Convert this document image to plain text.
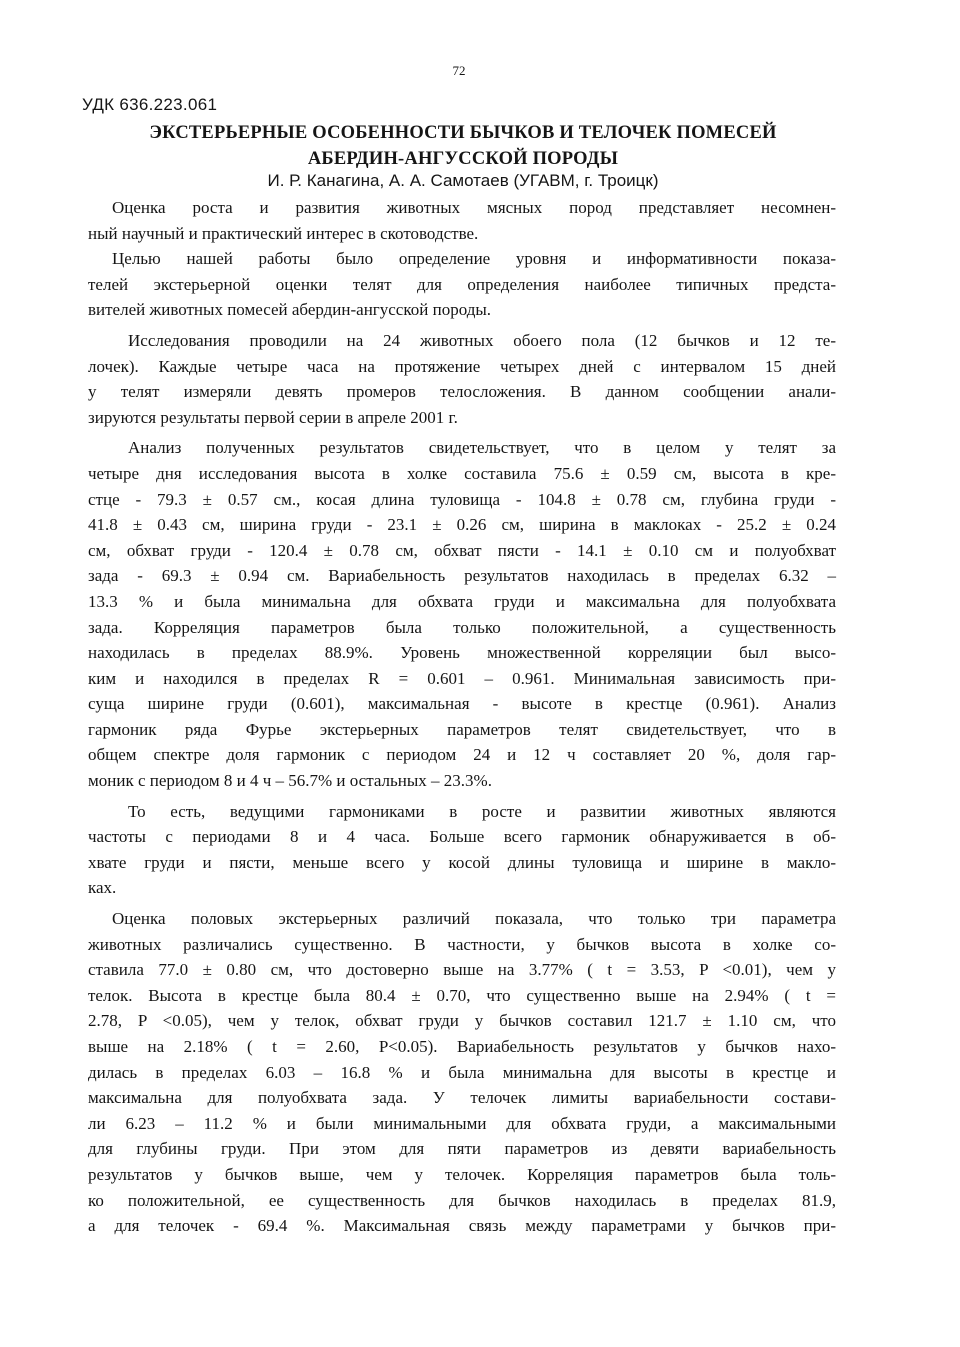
72
УДК 636.223.061
ЭКСТЕРЬЕРНЫЕ ОСОБЕННОСТИ БЫЧКОВ И ТЕЛОЧЕК ПОМЕСЕЙ
АБЕРДИН-АНГУССКОЙ ПОРОДЫ
И. Р. Канагина, А. А. Самотаев (УГАВМ, г. Троицк)
Оценка роста и развития животных мясных пород представляет несомнен-
ный научный и практический интерес в скотоводстве.
Целью нашей работы было определение уровня и информативности показа-
телей экстерьерной оценки телят для определения наиболее типичных предста-
вителей животных помесей абердин-ангусской породы.
Исследования проводили на 24 животных обоего пола (12 бычков и 12 те-
лочек). Каждые четыре часа на протяжение четырех дней с интервалом 15 дней
у телят измеряли девять промеров телосложения. В данном сообщении анали-
зируются результаты первой серии в апреле 2001 г.
Анализ полученных результатов свидетельствует, что в целом у телят за
четыре дня исследования высота в холке составила 75.6 ± 0.59 см, высота в кре-
стце - 79.3 ± 0.57 см., косая длина туловища - 104.8 ± 0.78 см, глубина груди -
41.8 ± 0.43 см, ширина груди - 23.1 ± 0.26 см, ширина в маклоках - 25.2 ± 0.24
см, обхват груди - 120.4 ± 0.78 см, обхват пясти - 14.1 ± 0.10 см и полуобхват
зада - 69.3 ± 0.94 см. Вариабельность результатов находилась в пределах 6.32 –
13.3 % и была минимальна для обхвата груди и максимальна для полуобхвата
зада. Корреляция параметров была только положительной, а существенность
находилась в пределах 88.9%. Уровень множественной корреляции был высо-
ким и находился в пределах R = 0.601 – 0.961. Минимальная зависимость при-
суща ширине груди (0.601), максимальная - высоте в крестце (0.961). Анализ
гармоник ряда Фурье экстерьерных параметров телят свидетельствует, что в
общем спектре доля гармоник с периодом 24 и 12 ч составляет 20 %, доля гар-
моник с периодом 8 и 4 ч – 56.7% и остальных – 23.3%.
То есть, ведущими гармониками в росте и развитии животных являются
частоты с периодами 8 и 4 часа. Больше всего гармоник обнаруживается в об-
хвате груди и пясти, меньше всего у косой длины туловища и ширине в макло-
ках.
Оценка половых экстерьерных различий показала, что только три параметра
животных различались существенно. В частности, у бычков высота в холке со-
ставила 77.0 ± 0.80 см, что достоверно выше на 3.77% ( t = 3.53, P <0.01), чем у
телок. Высота в крестце была 80.4 ± 0.70, что существенно выше на 2.94% ( t =
2.78, P <0.05), чем у телок, обхват груди у бычков составил 121.7 ± 1.10 см, что
выше на 2.18% ( t = 2.60, P<0.05). Вариабельность результатов у бычков нахо-
дилась в пределах 6.03 – 16.8 % и была минимальна для высоты в крестце и
максимальна для полуобхвата зада. У телочек лимиты вариабельности состави-
ли 6.23 – 11.2 % и были минимальными для обхвата груди, а максимальными
для глубины груди. При этом для пяти параметров из девяти вариабельность
результатов у бычков выше, чем у телочек. Корреляция параметров была толь-
ко положительной, ее существенность для бычков находилась в пределах 81.9,
а для телочек - 69.4 %. Максимальная связь между параметрами у бычков при-
